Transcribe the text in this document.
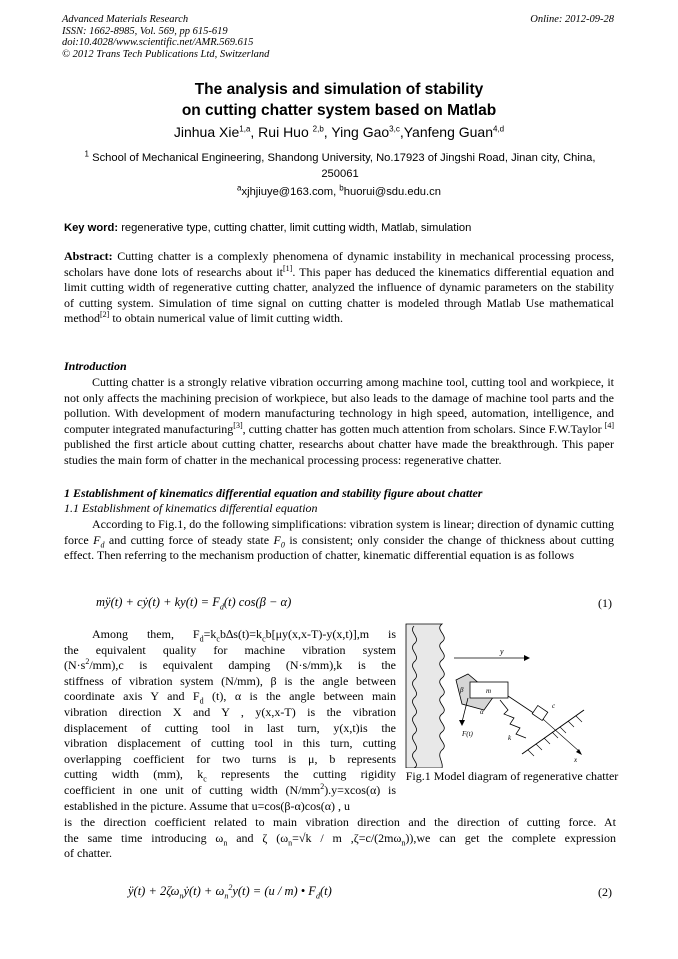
Advanced Materials Research
ISSN: 1662-8985, Vol. 569, pp 615-619
doi:10.4028/www.scientific.net/AMR.569.615
© 2012 Trans Tech Publications Ltd, Switzerland
Online: 2012-09-28
The analysis and simulation of stability
on cutting chatter system based on Matlab
Jinhua Xie$^{1,a}$, Rui Huo $^{2,b}$, Ying Gao$^{3,c}$,Yanfeng Guan$^{4,d}$
$^1$ School of Mechanical Engineering, Shandong University, No.17923 of Jingshi Road, Jinan city, China, 250061
$^a$xjhjiuye@163.com, $^b$huorui@sdu.edu.cn
Key word: regenerative type, cutting chatter, limit cutting width, Matlab, simulation
Abstract: Cutting chatter is a complexly phenomena of dynamic instability in mechanical processing process, scholars have done lots of researchs about it[1]. This paper has deduced the kinematics differential equation and limit cutting width of regenerative cutting chatter, analyzed the influence of dynamic parameters on the stability of cutting system. Simulation of time signal on cutting chatter is modeled through Matlab Use mathematical method[2] to obtain numerical value of limit cutting width.
Introduction
Cutting chatter is a strongly relative vibration occurring among machine tool, cutting tool and workpiece, it not only affects the machining precision of workpiece, but also leads to the damage of machine tool parts and the pollution. With development of modern manufacturing technology in high speed, automation, intelligence, and computer integrated manufacturing[3], cutting chatter has gotten much attention from scholars. Since F.W.Taylor [4] published the first article about cutting chatter, researchs about chatter have made the breakthrough. This paper studies the main form of chatter in the mechanical processing process: regenerative chatter.
1 Establishment of kinematics differential equation and stability figure about chatter
1.1 Establishment of kinematics differential equation
According to Fig.1, do the following simplifications: vibration system is linear; direction of dynamic cutting force $F_d$ and cutting force of steady state $F_0$ is consistent; only consider the change of thickness about cutting effect. Then referring to the mechanism production of chatter, kinematic differential equation is as follows
mÿ(t) + cẏ(t) + $ky(t) = F_d(t) \cos(\beta - \alpha)$	(1)
Among them, $F_d=k_cb\Delta s(t)=k_cb[\mu y(x,x-T)-y(x,t)],m$ is
the equivalent quality for machine vibration system
$(N\cdot s^2/mm),c$ is equivalent damping (N·s/mm),k is the
stiffness of vibration system (N/mm), β is the angle between
coordinate axis Y and $F_d$ (t), α is the angle between main
vibration direction X and Y , y(x,x-T) is the vibration
displacement of cutting tool in last turn, y(x,t)is the
vibration displacement of cutting tool in this turn, cutting
overlapping coefficient for two turns is μ, b represents
cutting width (mm), $k_c$ represents the cutting rigidity
coefficient in one unit of cutting width $(N/mm^2).y=xcos(\alpha)$ is
established in the picture. Assume that u=cos(β-α)cos(α) , u
is the direction coefficient related to main vibration direction and the direction of cutting force. At
the same time introducing $\omega_n$ and ζ ($\omega_n=√k / m$ $,\zeta=c/(2m\omega_n)),we$ can get the complete expression
of chatter.
y
m
β
α
F(t)
c
k
x
Fig.1 Model diagram of regenerative chatter
ÿ(t) + $2\zeta\omega_nẏ(t) + \omega_n^2y(t) = (u / m)$ • $F_d(t)$	(2)
